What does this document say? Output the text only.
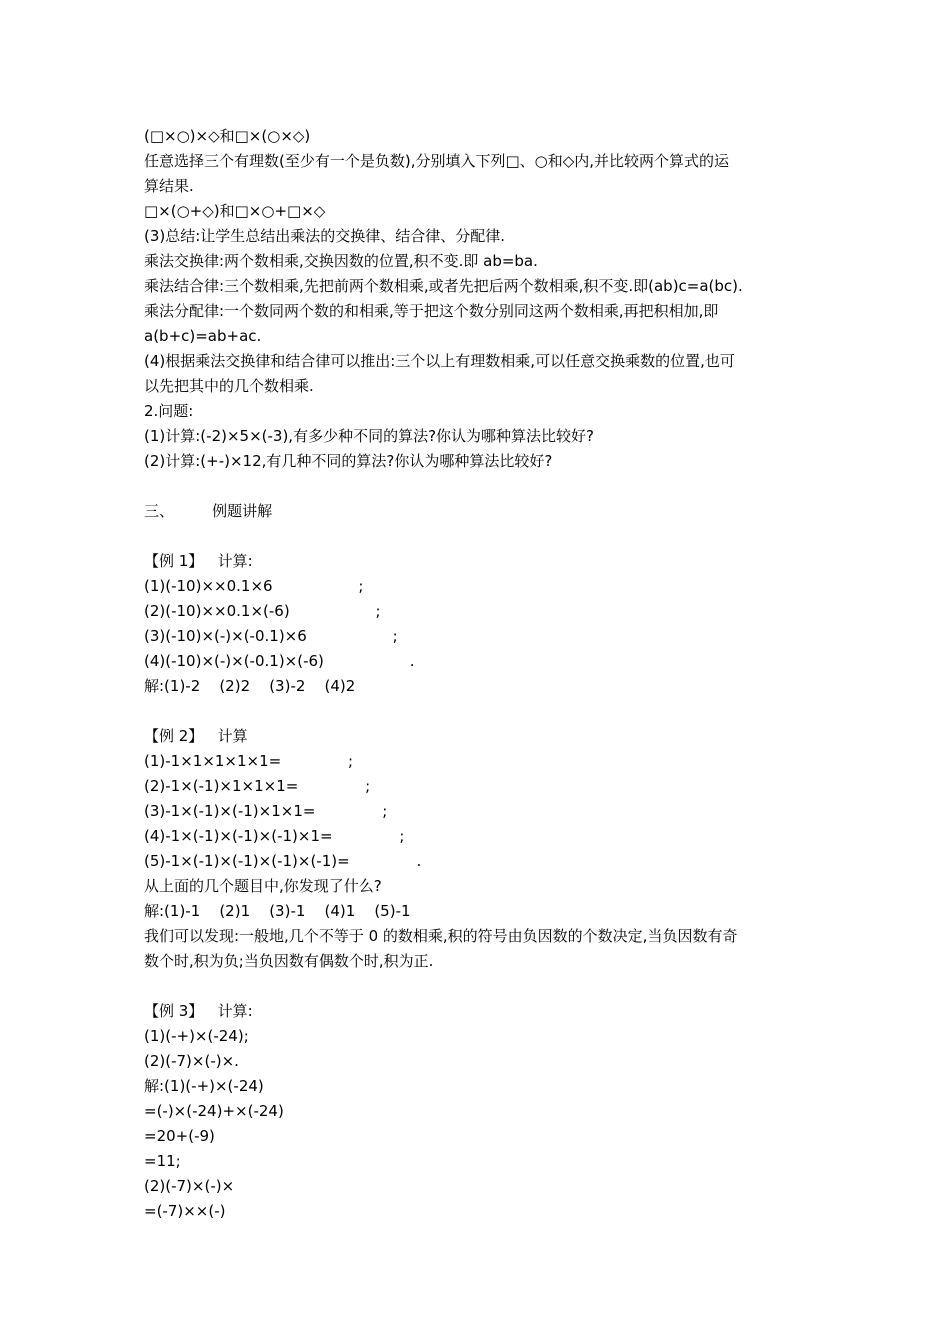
(□×○)×◇和□×(○×◇)
任意选择三个有理数(至少有一个是负数),分别填入下列□、○和◇内,并比较两个算式的运
算结果.
□×(○+◇)和□×○+□×◇
(3)总结:让学生总结出乘法的交换律、结合律、分配律.
乘法交换律:两个数相乘,交换因数的位置,积不变.即 ab=ba.
乘法结合律:三个数相乘,先把前两个数相乘,或者先把后两个数相乘,积不变.即(ab)c=a(bc).
乘法分配律:一个数同两个数的和相乘,等于把这个数分别同这两个数相乘,再把积相加,即
a(b+c)=ab+ac.
(4)根据乘法交换律和结合律可以推出:三个以上有理数相乘,可以任意交换乘数的位置,也可
以先把其中的几个数相乘.
2.问题:
(1)计算:(-2)×5×(-3),有多少种不同的算法?你认为哪种算法比较好?
(2)计算:(+-)×12,有几种不同的算法?你认为哪种算法比较好?
三、        例题讲解
【例 1】   计算:
(1)(-10)××0.1×6                  ;
(2)(-10)××0.1×(-6)                  ;
(3)(-10)×(-)×(-0.1)×6                  ;
(4)(-10)×(-)×(-0.1)×(-6)                  .
解:(1)-2    (2)2    (3)-2    (4)2
【例 2】   计算
(1)-1×1×1×1×1=              ;
(2)-1×(-1)×1×1×1=              ;
(3)-1×(-1)×(-1)×1×1=              ;
(4)-1×(-1)×(-1)×(-1)×1=              ;
(5)-1×(-1)×(-1)×(-1)×(-1)=              .
从上面的几个题目中,你发现了什么?
解:(1)-1    (2)1    (3)-1    (4)1    (5)-1
我们可以发现:一般地,几个不等于 0 的数相乘,积的符号由负因数的个数决定,当负因数有奇
数个时,积为负;当负因数有偶数个时,积为正.
【例 3】   计算:
(1)(-+)×(-24);
(2)(-7)×(-)×.
解:(1)(-+)×(-24)
=(-)×(-24)+×(-24)
=20+(-9)
=11;
(2)(-7)×(-)×
=(-7)××(-)
